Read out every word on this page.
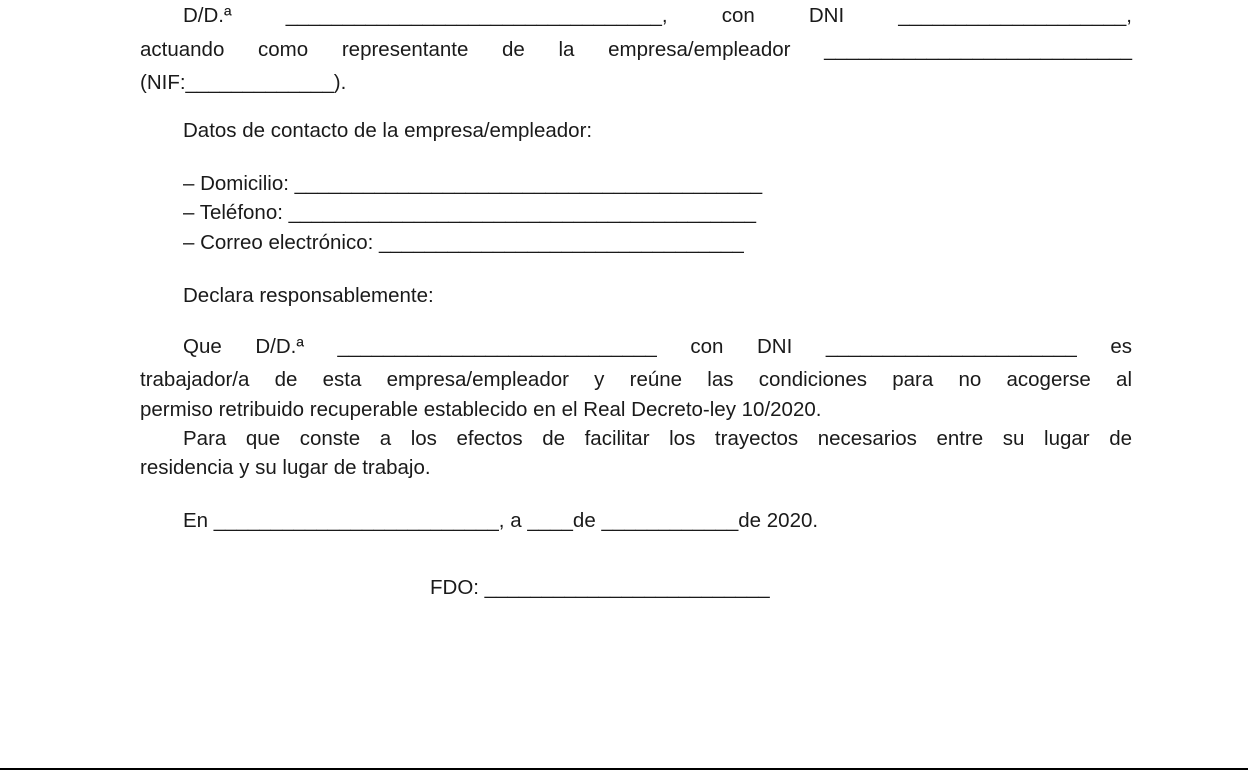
D/D.ª	_________________________________,	con DNI	____________________,
actuando como representante de la empresa/empleador ___________________________
(NIF:_____________).
Datos de contacto de la empresa/empleador:
– Domicilio: _________________________________________
– Teléfono: _________________________________________
– Correo electrónico: ________________________________
Declara responsablemente:
Que D/D.ª ____________________________ con DNI ______________________ es
trabajador/a de esta empresa/empleador y reúne las condiciones para no acogerse al
permiso retribuido recuperable establecido en el Real Decreto-ley 10/2020.
Para que conste a los efectos de facilitar los trayectos necesarios entre su lugar de
residencia y su lugar de trabajo.
En _________________________, a ____de ____________de 2020.
FDO: _________________________
